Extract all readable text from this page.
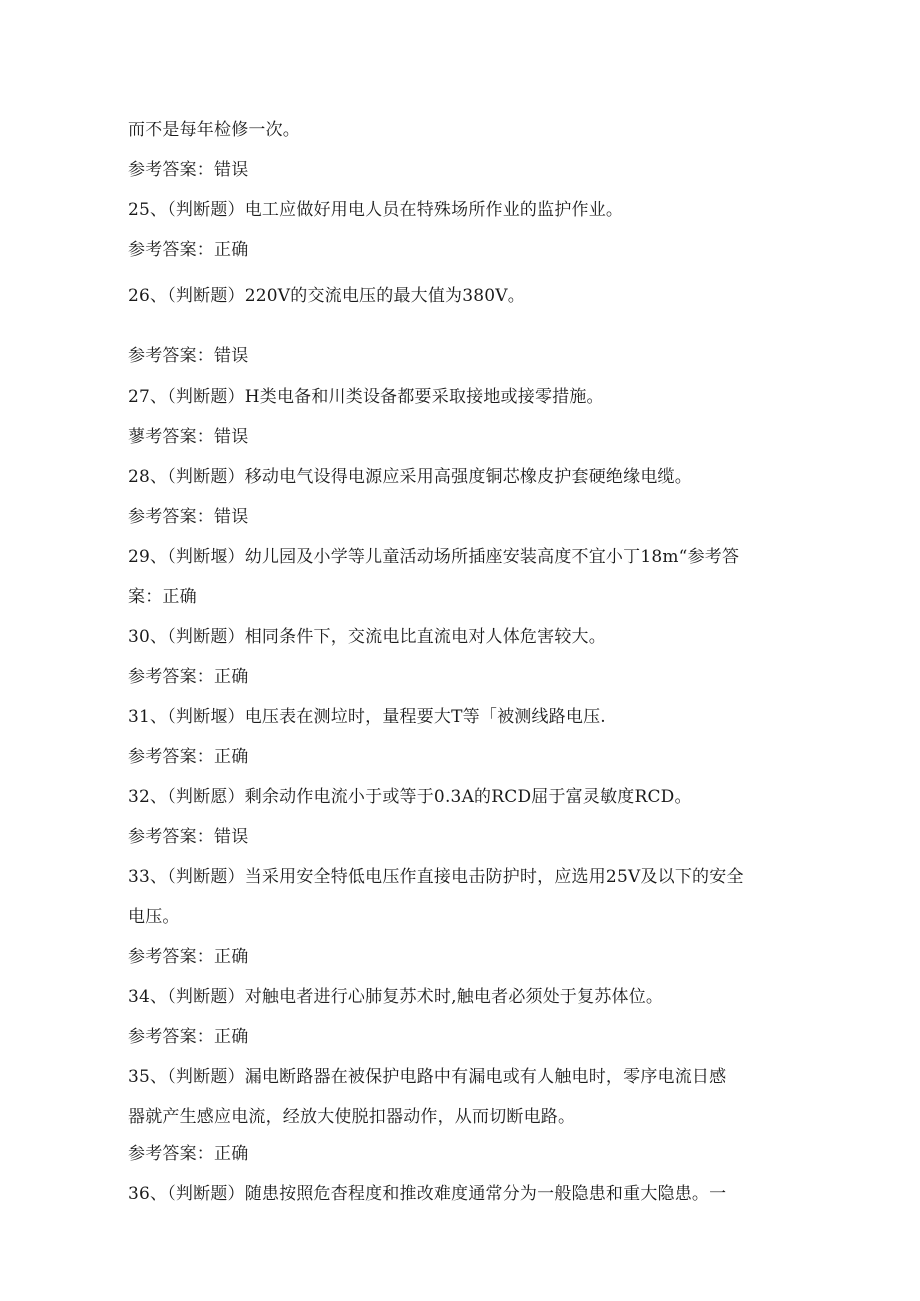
而不是每年检修一次。
参考答案：错误
25、（判断题）电工应做好用电人员在特殊场所作业的监护作业。
参考答案：正确
26、（判断题）220V的交流电压的最大值为380V。
参考答案：错误
27、（判断题）H类电备和川类设备都要采取接地或接零措施。
蓼考答案：错误
28、（判断题）移动电气设得电源应采用高强度铜芯橡皮护套硬绝缘电缆。
参考答案：错误
29、（判断堰）幼儿园及小学等儿童活动场所插座安装高度不宜小丁18m“参考答
案：正确
30、（判断题）相同条件下，交流电比直流电对人体危害较大。
参考答案：正确
31、（判断堰）电压表在测垃时，量程要大T等「被测线路电压.
参考答案：正确
32、（判断愿）剩余动作电流小于或等于0.3A的RCD屈于富灵敏度RCD。
参考答案：错误
33、（判断题）当采用安全特低电压作直接电击防护时，应选用25V及以下的安全
电压。
参考答案：正确
34、（判断题）对触电者进行心肺复苏术时,触电者必须处于复苏体位。
参考答案：正确
35、（判断题）漏电断路器在被保护电路中有漏电或有人触电时，零序电流日感
器就产生感应电流，经放大使脱扣器动作，从而切断电路。
参考答案：正确
36、（判断题）随患按照危杳程度和推改难度通常分为一般隐患和重大隐患。一
